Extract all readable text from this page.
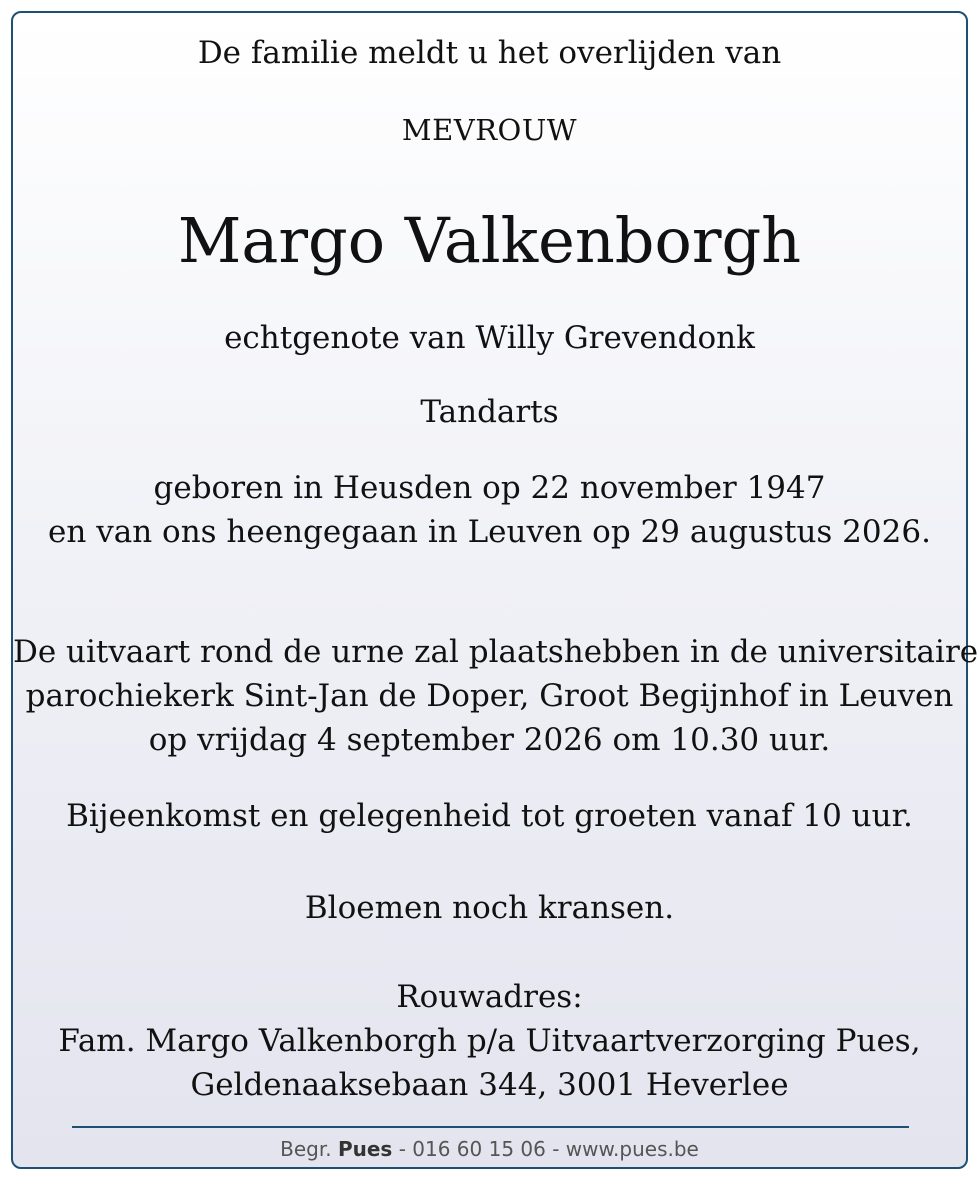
De familie meldt u het overlijden van
MEVROUW
Margo Valkenborgh
echtgenote van Willy Grevendonk
Tandarts
geboren in Heusden op 22 november 1947
en van ons heengegaan in Leuven op 29 augustus 2026.
De uitvaart rond de urne zal plaatshebben in de universitaire
parochiekerk Sint-Jan de Doper, Groot Begijnhof in Leuven
op vrijdag 4 september 2026 om 10.30 uur.
Bijeenkomst en gelegenheid tot groeten vanaf 10 uur.
Bloemen noch kransen.
Rouwadres:
Fam. Margo Valkenborgh p/a Uitvaartverzorging Pues,
Geldenaaksebaan 344, 3001 Heverlee
Begr. Pues - 016 60 15 06 - www.pues.be
